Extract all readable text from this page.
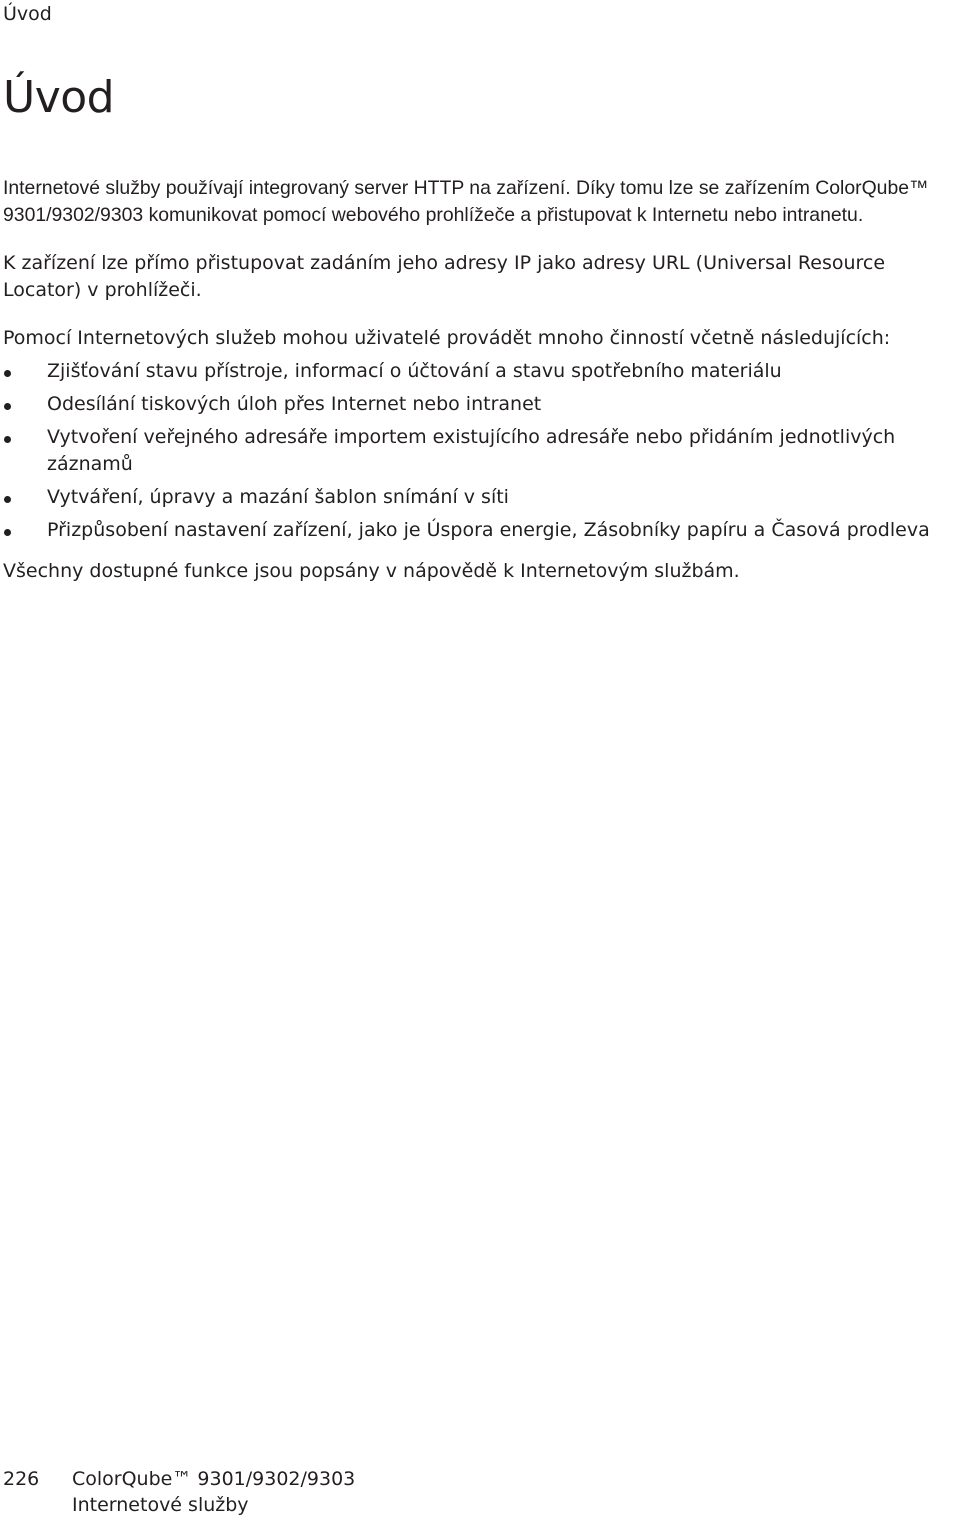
Úvod
Úvod

Internetové služby používají integrovaný server HTTP na zařízení. Díky tomu lze se zařízením ColorQube™ 9301/9302/9303 komunikovat pomocí webového prohlížeče a přistupovat k Internetu nebo intranetu.

K zařízení lze přímo přistupovat zadáním jeho adresy IP jako adresy URL (Universal Resource Locator) v prohlížeči.

Pomocí Internetových služeb mohou uživatelé provádět mnoho činností včetně následujících:

Zjišťování stavu přístroje, informací o účtování a stavu spotřebního materiálu
Odesílání tiskových úloh přes Internet nebo intranet
Vytvoření veřejného adresáře importem existujícího adresáře nebo přidáním jednotlivých záznamů
Vytváření, úpravy a mazání šablon snímání v síti
Přizpůsobení nastavení zařízení, jako je Úspora energie, Zásobníky papíru a Časová prodleva

Všechny dostupné funkce jsou popsány v nápovědě k Internetovým službám.

226	ColorQube™ 9301/9302/9303
Internetové služby
